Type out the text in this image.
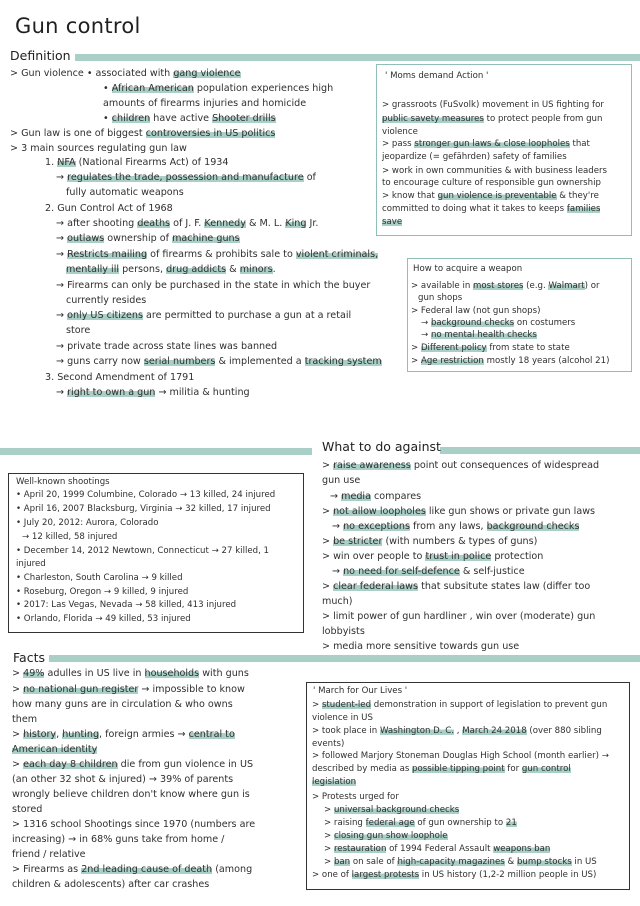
Gun control
Definition
What to do against
Facts
> Gun violence • associated with gang violence
• African American population experiences high
amounts of firearms injuries and homicide
• children have active Shooter drills
> Gun law is one of biggest controversies in US politics
> 3 main sources regulating gun law
1. NFA (National Firearms Act) of 1934
→ regulates the trade, possession and manufacture of
fully automatic weapons
2. Gun Control Act of 1968
→ after shooting deaths of J. F. Kennedy & M. L. King Jr.
→ outlaws ownership of machine guns
→ Restricts mailing of firearms & prohibits sale to violent criminals,
mentally ill persons, drug addicts & minors.
→ Firearms can only be purchased in the state in which the buyer
currently resides
→ only US citizens are permitted to purchase a gun at a retail
store
→ private trade across state lines was banned
→ guns carry now serial numbers & implemented a tracking system
3. Second Amendment of 1791
→ right to own a gun → militia & hunting
' Moms demand Action '
> grassroots (FuSvolk) movement in US fighting for
public savety measures to protect people from gun
violence
> pass stronger gun laws & close loopholes that
jeopardize (= gefährden) safety of families
> work in own communities & with business leaders
to encourage culture of responsible gun ownership
> know that gun violence is preventable & they're
committed to doing what it takes to keeps families
save
How to acquire a weapon
> available in most stores (e.g. Walmart) or
gun shops
> Federal law (not gun shops)
→ background checks on costumers
→ no mental health checks
> Different policy from state to state
> Age restriction mostly 18 years (alcohol 21)
Well-known shootings
• April 20, 1999 Columbine, Colorado → 13 killed, 24 injured
• April 16, 2007 Blacksburg, Virginia → 32 killed, 17 injured
• July 20, 2012: Aurora, Colorado
→ 12 killed, 58 injured
• December 14, 2012 Newtown, Connecticut → 27 killed, 1
injured
• Charleston, South Carolina → 9 killed
• Roseburg, Oregon → 9 killed, 9 injured
• 2017: Las Vegas, Nevada → 58 killed, 413 injured
• Orlando, Florida → 49 killed, 53 injured
> raise awareness point out consequences of widespread
gun use
→ media compares
> not allow loopholes like gun shows or private gun laws
→ no exceptions from any laws, background checks
> be stricter (with numbers & types of guns)
> win over people to trust in police protection
→ no need for self-defence & self-justice
> clear federal laws that subsitute states law (differ too
much)
> limit power of gun hardliner , win over (moderate) gun
lobbyists
> media more sensitive towards gun use
> 49% adulles in US live in households with guns
> no national gun register → impossible to know
how many guns are in circulation & who owns
them
> history, hunting, foreign armies → central to
American identity
> each day 8 children die from gun violence in US
(an other 32 shot & injured) → 39% of parents
wrongly believe children don't know where gun is
stored
> 1316 school Shootings since 1970 (numbers are
increasing) → in 68% guns take from home /
friend / relative
> Firearms as 2nd leading cause of death (among
children & adolescents) after car crashes
' March for Our Lives '
> student-led demonstration in support of legislation to prevent gun
violence in US
> took place in Washington D. C. , March 24 2018 (over 880 sibling
events)
> followed Marjory Stoneman Douglas High School (month earlier) →
described by media as possible tipping point for gun control
legislation
> Protests urged for
> universal background checks
> raising federal age of gun ownership to 21
> closing gun show loophole
> restauration of 1994 Federal Assault weapons ban
> ban on sale of high-capacity magazines & bump stocks in US
> one of largest protests in US history (1,2-2 million people in US)
